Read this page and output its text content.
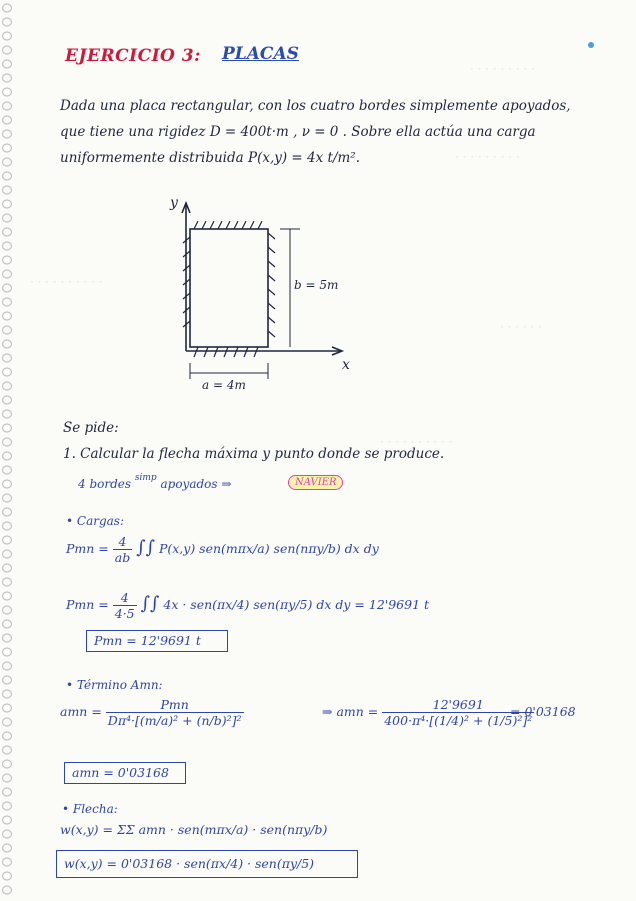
· · · · · · · · ·
· · · · · · · · ·
· · · · · · · · · ·
· · · · · ·
· · · · · · · · · ·
EJERCICIO 3: PLACAS
Dada una placa rectangular, con los cuatro bordes simplemente apoyados,
que tiene una rigidez D = 400t·m , ν = 0 . Sobre ella actúa una carga
uniformemente distribuida P(x,y) = 4x t/m².
y
x
b = 5m
a = 4m
Se pide:
1. Calcular la flecha máxima y punto donde se produce.
4 bordes $^{simp}$ apoyados ⇒	NAVIER
• Cargas:
Pmn = $\frac{4}{ab}$ ∫∫ P(x,y) sen(mπx/a) sen(nπy/b) dx dy
Pmn = $\frac{4}{4\cdot 5}$ ∫∫ 4x · sen(πx/4) sen(πy/5) dx dy = 12'9691 t
Pmn = 12'9691 t
• Término Amn:
amn = $\frac{\text{Pmn}}{\text{Dπ⁴·[(m/a)² + (n/b)²]²}}$	⇒ amn = $\frac{12'9691}{\text{400·π⁴·[(1/4)² + (1/5)²]²}}$
= 0'03168
amn = 0'03168
• Flecha:
w(x,y) = ΣΣ amn · sen(mπx/a) · sen(nπy/b)
w(x,y) = 0'03168 · sen(πx/4) · sen(πy/5)
